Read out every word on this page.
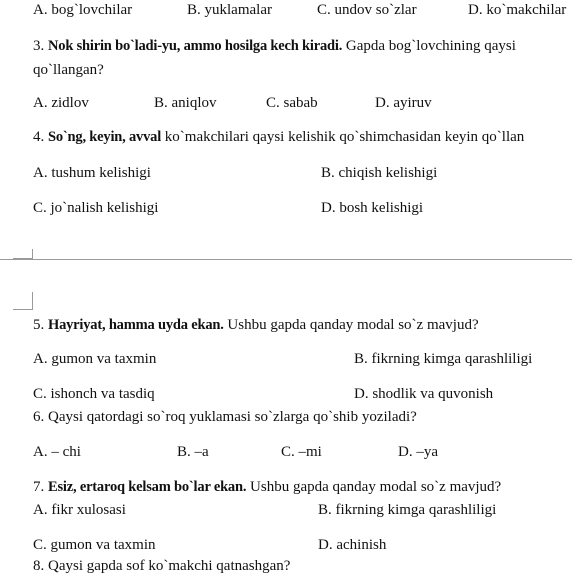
A. bog`lovchilar	B. yuklamalar	C. undov so`zlar	D. ko`makchilar
3. Nok shirin bo`ladi-yu, ammo hosilga kech kiradi. Gapda bog`lovchining qaysi
qo`llangan?
A. zidlov	B. aniqlov	C. sabab	D. ayiruv
4. So`ng, keyin, avval ko`makchilari qaysi kelishik qo`shimchasidan keyin qo`llan
A. tushum kelishigi	B. chiqish kelishigi
C. jo`nalish kelishigi	D. bosh kelishigi
5. Hayriyat, hamma uyda ekan. Ushbu gapda qanday modal so`z mavjud?
A. gumon va taxmin	B. fikrning kimga qarashliligi
C. ishonch va tasdiq	D. shodlik va quvonish
6. Qaysi qatordagi so`roq yuklamasi so`zlarga qo`shib yoziladi?
A. – chi	B. –a	C. –mi	D. –ya
7. Esiz, ertaroq kelsam bo`lar ekan. Ushbu gapda qanday modal so`z mavjud?
A. fikr xulosasi	B. fikrning kimga qarashliligi
C. gumon va taxmin	D. achinish
8. Qaysi gapda sof ko`makchi qatnashgan?
